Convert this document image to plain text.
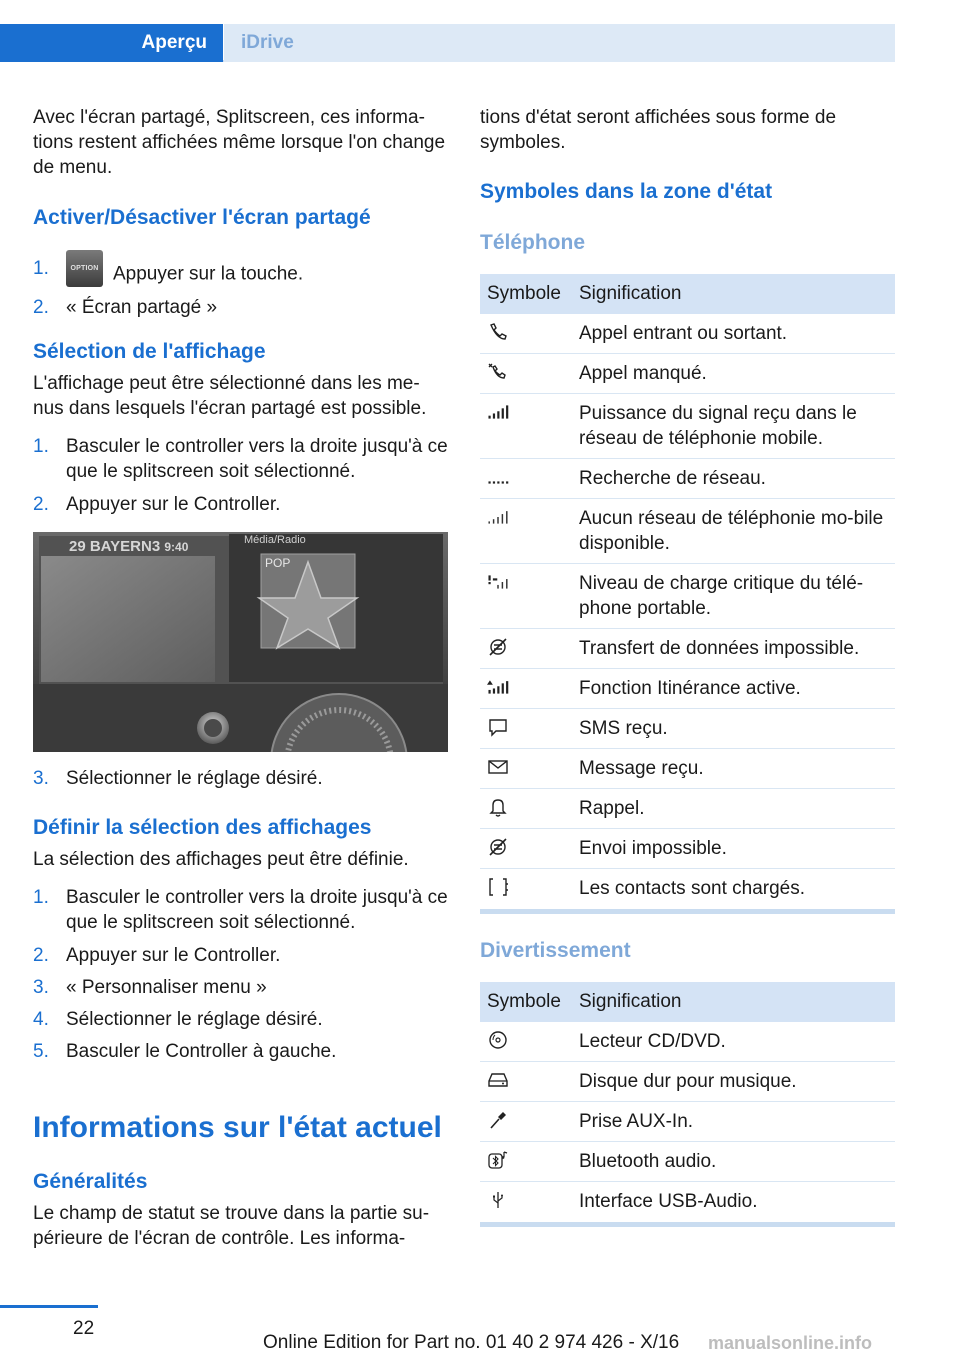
Aperçu	iDrive
Avec l'écran partagé, Splitscreen, ces informa‐tions restent affichées même lorsque l'on change de menu.
Activer/Désactiver l'écran partagé
1.	OPTION Appuyer sur la touche.
2. « Écran partagé »
Sélection de l'affichage
L'affichage peut être sélectionné dans les me‐nus dans lesquels l'écran partagé est possible.
1. Basculer le controller vers la droite jusqu'à ce que le splitscreen soit sélectionné.
2. Appuyer sur le Controller.
29 BAYERN3 9:40	Média/Radio
POP
3. Sélectionner le réglage désiré.
Définir la sélection des affichages
La sélection des affichages peut être définie.
1. Basculer le controller vers la droite jusqu'à ce que le splitscreen soit sélectionné.
2. Appuyer sur le Controller.
3. « Personnaliser menu »
4. Sélectionner le réglage désiré.
5. Basculer le Controller à gauche.
Informations sur l'état actuel
Généralités
Le champ de statut se trouve dans la partie su‐périeure de l'écran de contrôle. Les informa‐
tions d'état seront affichées sous forme de symboles.
Symboles dans la zone d'état
Téléphone
Symbole Signification
Appel entrant ou sortant.
Appel manqué.
Puissance du signal reçu dans le réseau de téléphonie mobile.
Recherche de réseau.
Aucun réseau de téléphonie mo‐bile disponible.
Niveau de charge critique du télé‐phone portable.
Transfert de données impossible.
Fonction Itinérance active.
SMS reçu.
Message reçu.
Rappel.
Envoi impossible.
Les contacts sont chargés.
Divertissement
Symbole Signification
Lecteur CD/DVD.
Disque dur pour musique.
Prise AUX-In.
Bluetooth audio.
Interface USB-Audio.
22
Online Edition for Part no. 01 40 2 974 426 - X/16 manualsonline.info
